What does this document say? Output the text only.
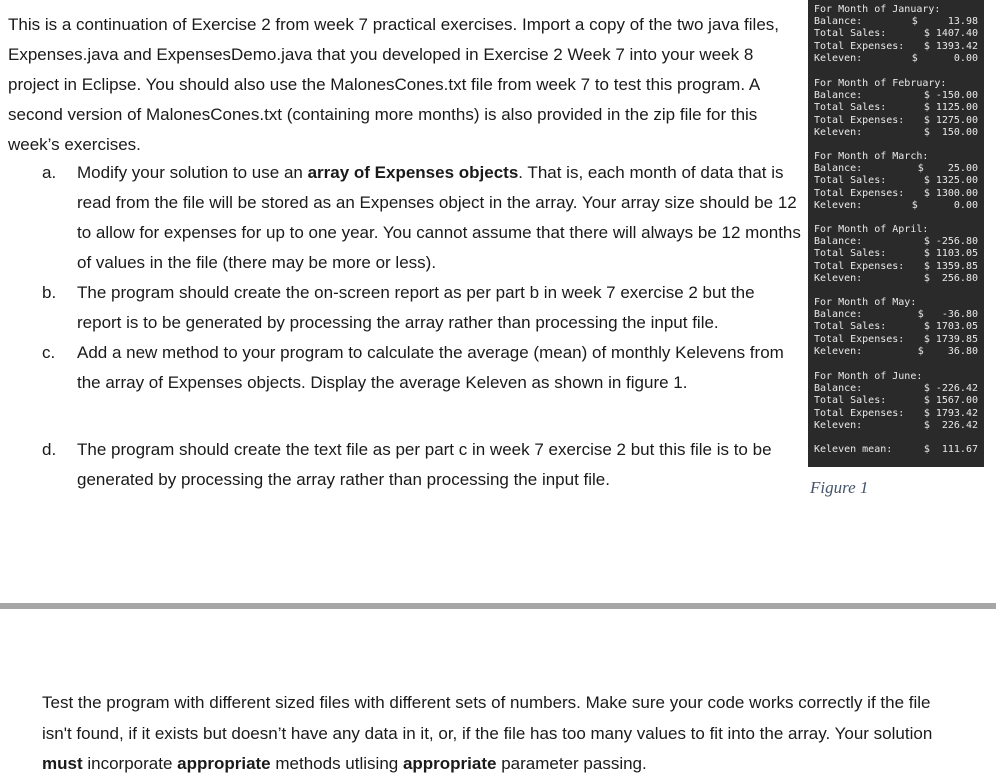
This is a continuation of Exercise 2 from week 7 practical exercises. Import a copy of the two java files, Expenses.java and ExpensesDemo.java that you developed in Exercise 2 Week 7 into your week 8 project in Eclipse. You should also use the MalonesCones.txt file from week 7 to test this program. A second version of MalonesCones.txt (containing more months) is also provided in the zip file for this week’s exercises.

a. Modify your solution to use an array of Expenses objects. That is, each month of data that is read from the file will be stored as an Expenses object in the array. Your array size should be 12 to allow for expenses for up to one year. You cannot assume that there will always be 12 months of values in the file (there may be more or less).
b. The program should create the on-screen report as per part b in week 7 exercise 2 but the report is to be generated by processing the array rather than processing the input file.
c. Add a new method to your program to calculate the average (mean) of monthly Kelevens from the array of Expenses objects. Display the average Keleven as shown in figure 1.
d. The program should create the text file as per part c in week 7 exercise 2 but this file is to be generated by processing the array rather than processing the input file.
For Month of January:
Balance:	$     13.98
Total Sales:	$ 1407.40
Total Expenses: $ 1393.42
Keleven:	$      0.00
For Month of February:
Balance:	$ -150.00
Total Sales:	$ 1125.00
Total Expenses: $ 1275.00
Keleven:	$  150.00
For Month of March:
Balance:	$    25.00
Total Sales:	$ 1325.00
Total Expenses: $ 1300.00
Keleven:	$      0.00
For Month of April:
Balance:	$ -256.80
Total Sales:	$ 1103.05
Total Expenses: $ 1359.85
Keleven:	$  256.80
For Month of May:
Balance:	$   -36.80
Total Sales:	$ 1703.05
Total Expenses: $ 1739.85
Keleven:	$    36.80
For Month of June:
Balance:	$ -226.42
Total Sales:	$ 1567.00
Total Expenses: $ 1793.42
Keleven:	$  226.42
Keleven mean:	$  111.67
Figure 1

Test the program with different sized files with different sets of numbers. Make sure your code works correctly if the file isn't found, if it exists but doesn’t have any data in it, or, if the file has too many values to fit into the array. Your solution must incorporate appropriate methods utlising appropriate parameter passing.
